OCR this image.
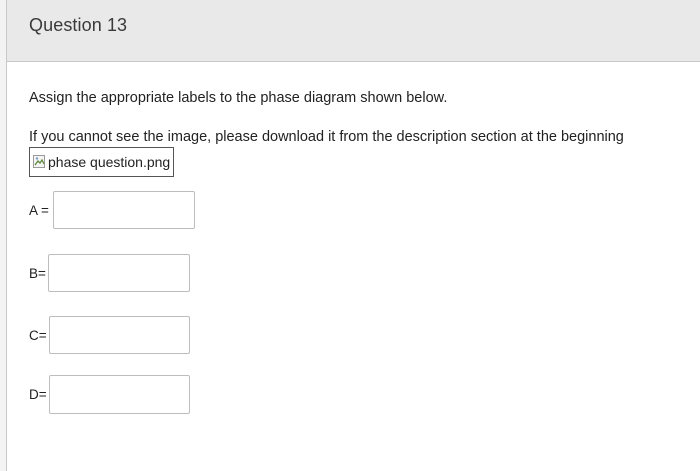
Question 13
Assign the appropriate labels to the phase diagram shown below.
If you cannot see the image, please download it from the description section at the beginning
phase question.png
A =
B=
C=
D=
